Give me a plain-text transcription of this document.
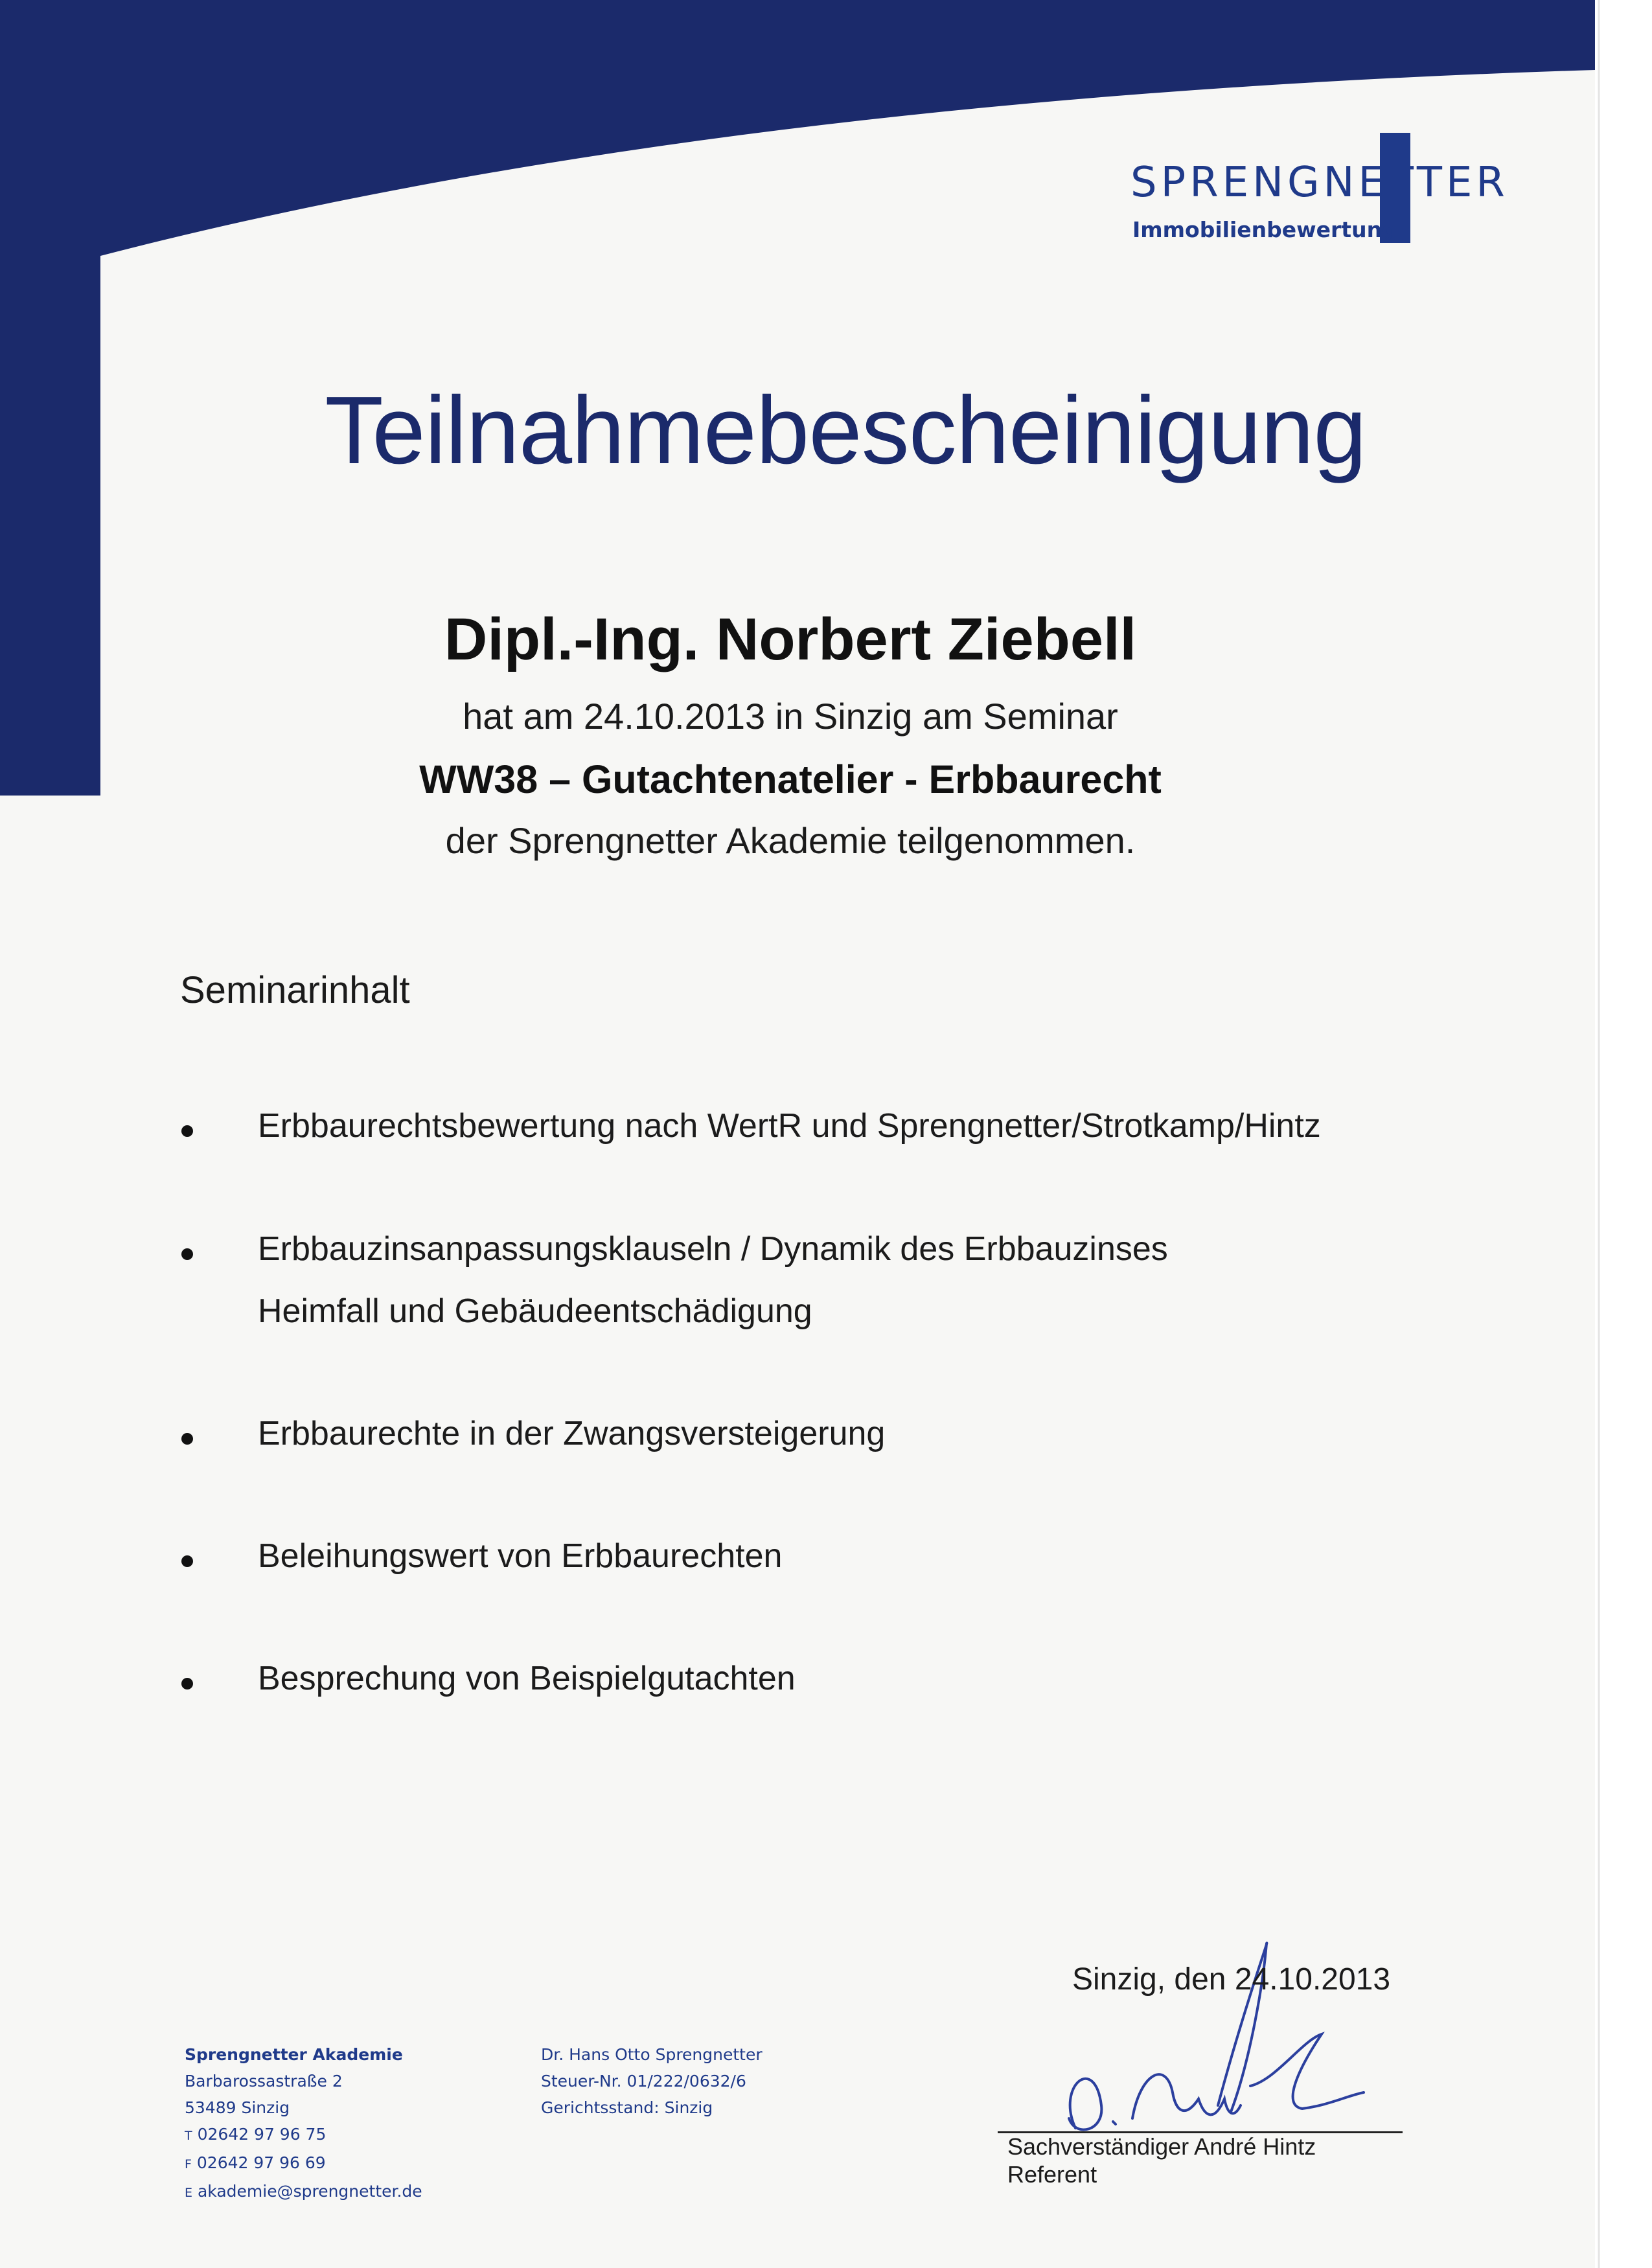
SPRENGNETTER
Immobilienbewertung
Teilnahmebescheinigung
Dipl.-Ing. Norbert Ziebell
hat am 24.10.2013 in Sinzig am Seminar
WW38 – Gutachtenatelier - Erbbaurecht
der Sprengnetter Akademie teilgenommen.
Seminarinhalt
Erbbaurechtsbewertung nach WertR und Sprengnetter/Strotkamp/Hintz
Erbbauzinsanpassungsklauseln / Dynamik des Erbbauzinses
Heimfall und Gebäudeentschädigung
Erbbaurechte in der Zwangsversteigerung
Beleihungswert von Erbbaurechten
Besprechung von Beispielgutachten
Sinzig, den 24.10.2013
Sachverständiger André Hintz
Referent
Sprengnetter Akademie
Barbarossastraße 2
53489 Sinzig
T 02642 97 96 75
F 02642 97 96 69
E akademie@sprengnetter.de
Dr. Hans Otto Sprengnetter
Steuer-Nr. 01/222/0632/6
Gerichtsstand: Sinzig
